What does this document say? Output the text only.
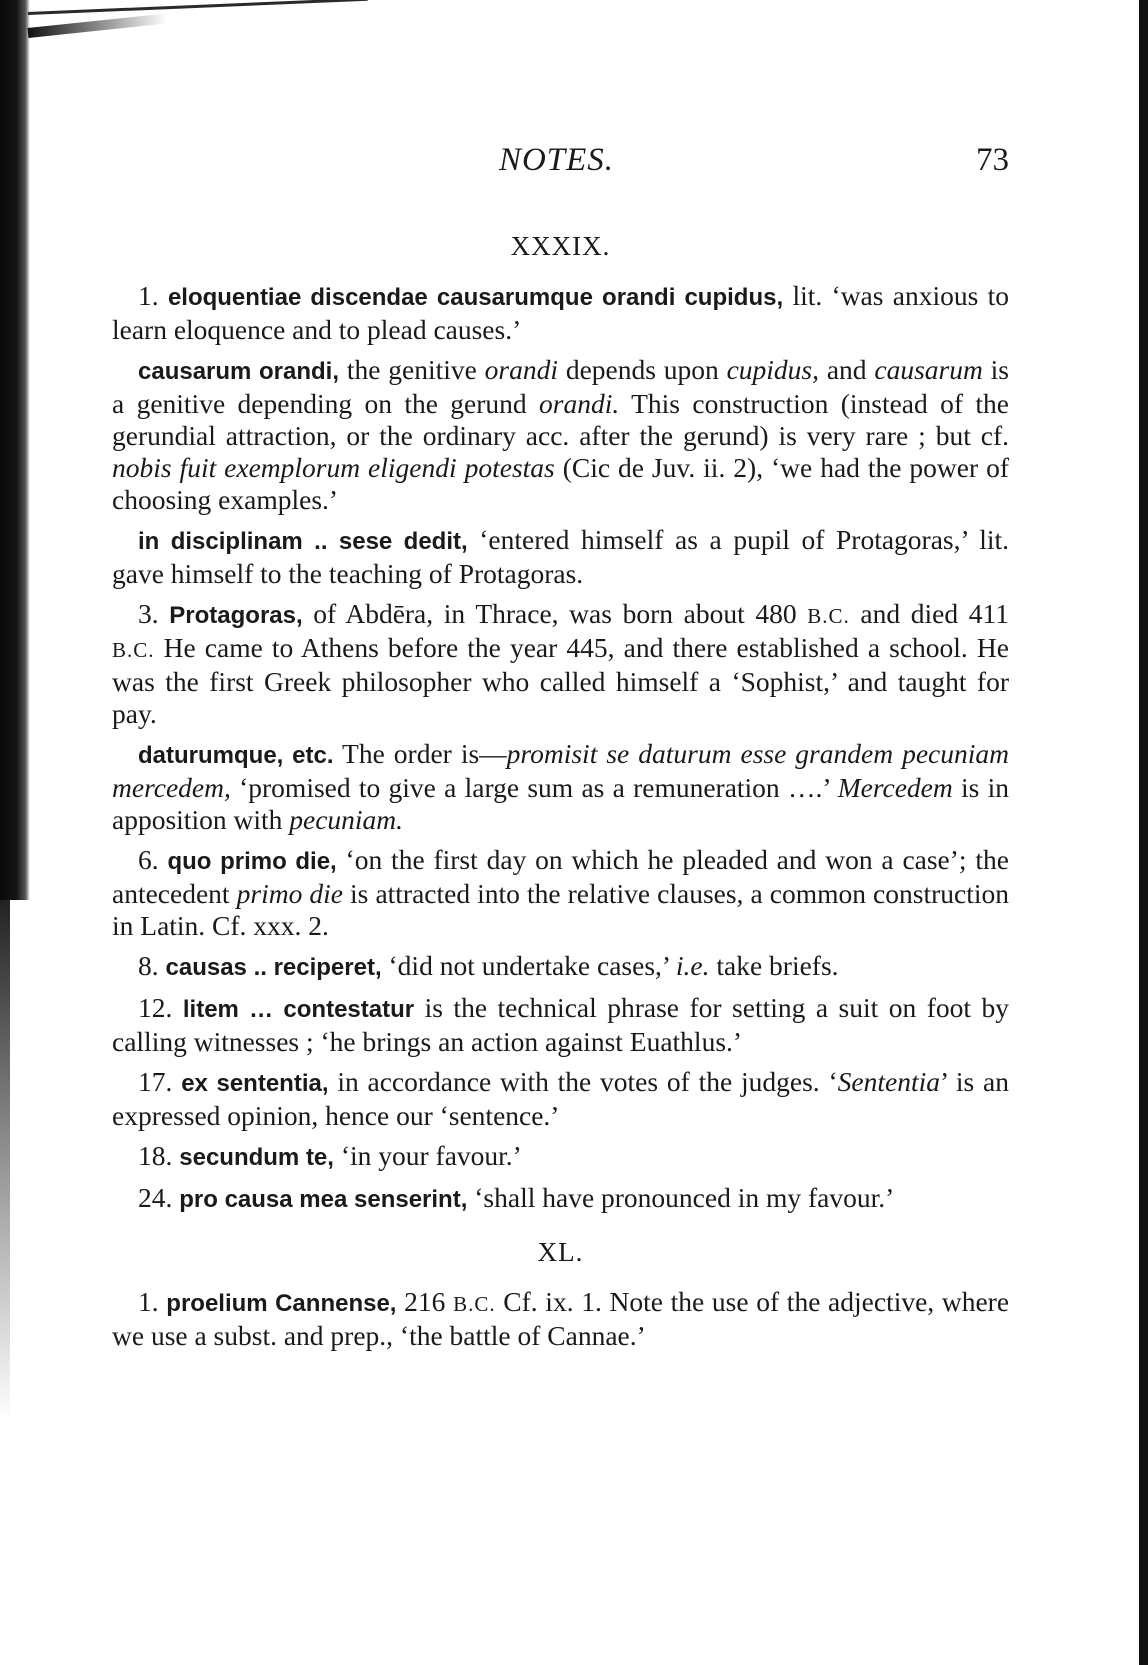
NOTES.	73
XXXIX.

1. eloquentiae discendae causarumque orandi cupidus, lit. ‘was anxious to learn eloquence and to plead causes.’

causarum orandi, the genitive orandi depends upon cupidus, and causarum is a genitive depending on the gerund orandi. This construction (instead of the gerundial attraction, or the ordinary acc. after the gerund) is very rare ; but cf. nobis fuit exemplorum eligendi potestas (Cic de Juv. ii. 2), ‘we had the power of choosing examples.’

in disciplinam .. sese dedit, ‘entered himself as a pupil of Protagoras,’ lit. gave himself to the teaching of Protagoras.

3. Protagoras, of Abdēra, in Thrace, was born about 480 B.C. and died 411 B.C. He came to Athens before the year 445, and there established a school. He was the first Greek philosopher who called himself a ‘Sophist,’ and taught for pay.

daturumque, etc. The order is—promisit se daturum esse grandem pecuniam mercedem, ‘promised to give a large sum as a remuneration ….’ Mercedem is in apposition with pecuniam.

6. quo primo die, ‘on the first day on which he pleaded and won a case’; the antecedent primo die is attracted into the relative clauses, a common construction in Latin. Cf. xxx. 2.

8. causas .. reciperet, ‘did not undertake cases,’ i.e. take briefs.

12. litem … contestatur is the technical phrase for setting a suit on foot by calling witnesses ; ‘he brings an action against Euathlus.’

17. ex sententia, in accordance with the votes of the judges. ‘Sententia’ is an expressed opinion, hence our ‘sentence.’

18. secundum te, ‘in your favour.’

24. pro causa mea senserint, ‘shall have pronounced in my favour.’

XL.

1. proelium Cannense, 216 B.C. Cf. ix. 1. Note the use of the adjective, where we use a subst. and prep., ‘the battle of Cannae.’
